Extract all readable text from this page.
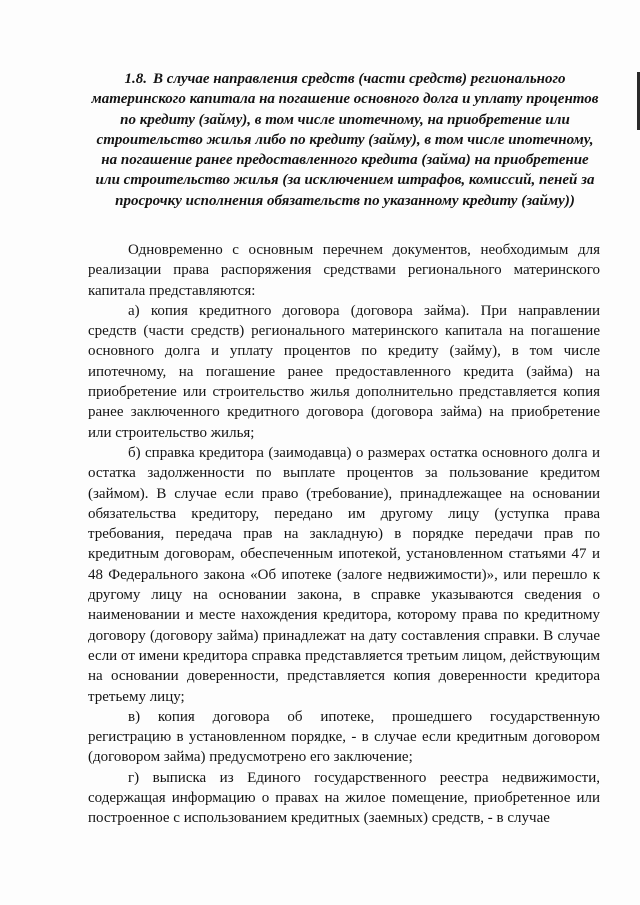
1.8. В случае направления средств (части средств) регионального материнского капитала на погашение основного долга и уплату процентов по кредиту (займу), в том числе ипотечному, на приобретение или строительство жилья либо по кредиту (займу), в том числе ипотечному, на погашение ранее предоставленного кредита (займа) на приобретение или строительство жилья (за исключением штрафов, комиссий, пеней за просрочку исполнения обязательств по указанному кредиту (займу))

Одновременно с основным перечнем документов, необходимым для реализации права распоряжения средствами регионального материнского капитала представляются:

а) копия кредитного договора (договора займа). При направлении средств (части средств) регионального материнского капитала на погашение основного долга и уплату процентов по кредиту (займу), в том числе ипотечному, на погашение ранее предоставленного кредита (займа) на приобретение или строительство жилья дополнительно представляется копия ранее заключенного кредитного договора (договора займа) на приобретение или строительство жилья;

б) справка кредитора (заимодавца) о размерах остатка основного долга и остатка задолженности по выплате процентов за пользование кредитом (займом). В случае если право (требование), принадлежащее на основании обязательства кредитору, передано им другому лицу (уступка права требования, передача прав на закладную) в порядке передачи прав по кредитным договорам, обеспеченным ипотекой, установленном статьями 47 и 48 Федерального закона «Об ипотеке (залоге недвижимости)», или перешло к другому лицу на основании закона, в справке указываются сведения о наименовании и месте нахождения кредитора, которому права по кредитному договору (договору займа) принадлежат на дату составления справки. В случае если от имени кредитора справка представляется третьим лицом, действующим на основании доверенности, представляется копия доверенности кредитора третьему лицу;

в) копия договора об ипотеке, прошедшего государственную регистрацию в установленном порядке, - в случае если кредитным договором (договором займа) предусмотрено его заключение;

г) выписка из Единого государственного реестра недвижимости, содержащая информацию о правах на жилое помещение, приобретенное или построенное с использованием кредитных (заемных) средств, - в случае
